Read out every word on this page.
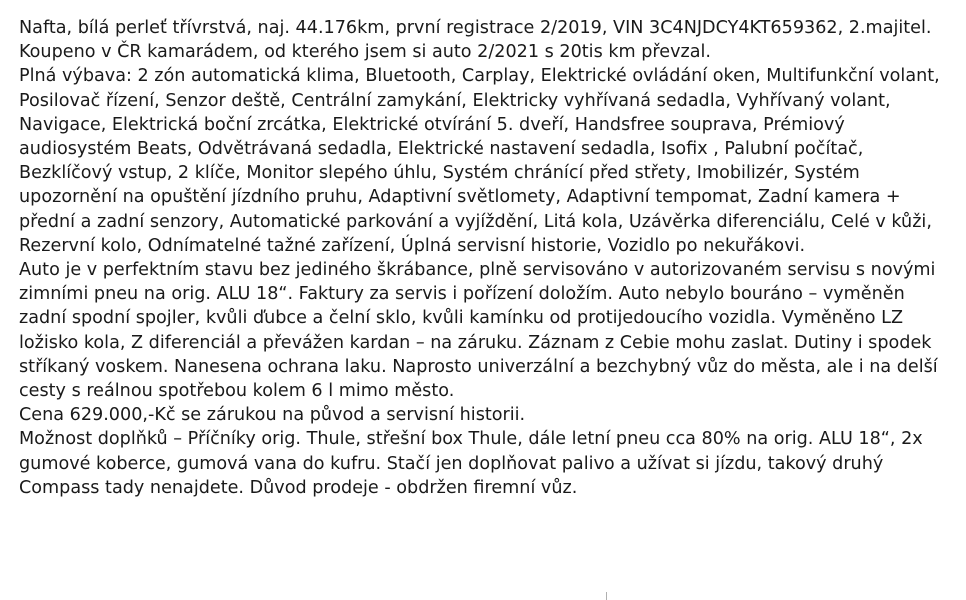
Nafta, bílá perleť třívrstvá, naj. 44.176km, první registrace 2/2019, VIN 3C4NJDCY4KT659362, 2.majitel. Koupeno v ČR kamarádem, od kterého jsem si auto 2/2021 s 20tis km převzal.

Plná výbava: 2 zón automatická klima, Bluetooth, Carplay, Elektrické ovládání oken, Multifunkční volant, Posilovač řízení, Senzor deště, Centrální zamykání, Elektricky vyhřívaná sedadla, Vyhřívaný volant, Navigace, Elektrická boční zrcátka, Elektrické otvírání 5. dveří, Handsfree souprava, Prémiový audiosystém Beats, Odvětrávaná sedadla, Elektrické nastavení sedadla, Isofix , Palubní počítač, Bezklíčový vstup, 2 klíče, Monitor slepého úhlu, Systém chránící před střety, Imobilizér, Systém upozornění na opuštění jízdního pruhu, Adaptivní světlomety, Adaptivní tempomat, Zadní kamera + přední a zadní senzory, Automatické parkování a vyjíždění, Litá kola, Uzávěrka diferenciálu, Celé v kůži, Rezervní kolo, Odnímatelné tažné zařízení, Úplná servisní historie, Vozidlo po nekuřákovi.

Auto je v perfektním stavu bez jediného škrábance, plně servisováno v autorizovaném servisu s novými zimními pneu na orig. ALU 18“. Faktury za servis i pořízení doložím. Auto nebylo bouráno – vyměněn zadní spodní spojler, kvůli ďubce a čelní sklo, kvůli kamínku od protijedoucího vozidla. Vyměněno LZ ložisko kola, Z diferenciál a převážen kardan – na záruku. Záznam z Cebie mohu zaslat. Dutiny i spodek stříkaný voskem. Nanesena ochrana laku. Naprosto univerzální a bezchybný vůz do města, ale i na delší cesty s reálnou spotřebou kolem 6 l mimo město.

Cena 629.000,-Kč se zárukou na původ a servisní historii.

Možnost doplňků – Příčníky orig. Thule, střešní box Thule, dále letní pneu cca 80% na orig. ALU 18“, 2x gumové koberce, gumová vana do kufru. Stačí jen doplňovat palivo a užívat si jízdu, takový druhý Compass tady nenajdete. Důvod prodeje - obdržen firemní vůz.
